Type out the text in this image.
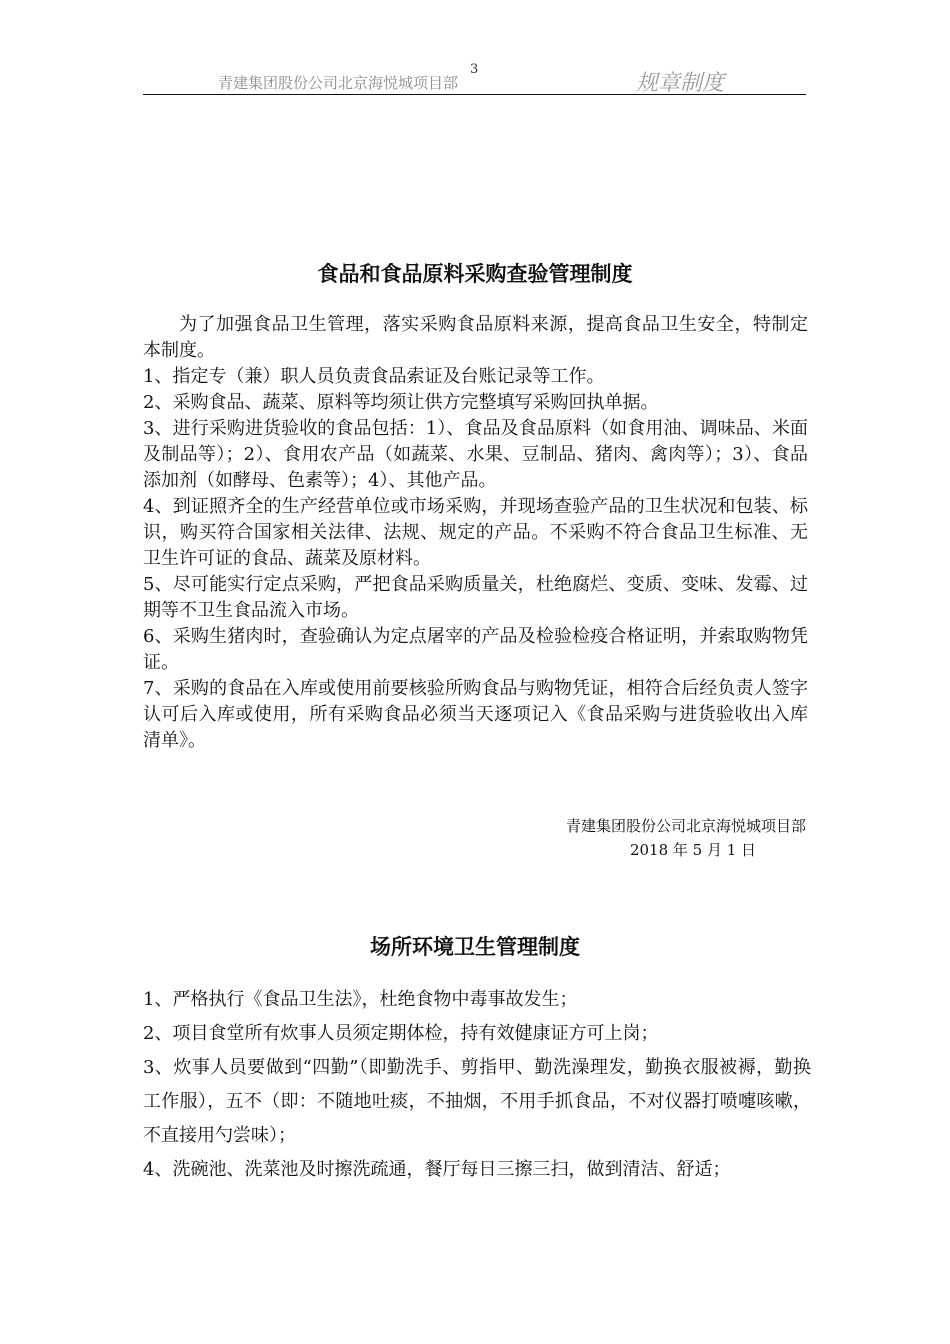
青建集团股份公司北京海悦城项目部
3
规章制度
食品和食品原料采购查验管理制度

为了加强食品卫生管理，落实采购食品原料来源，提高食品卫生安全，特制定本制度。

1、指定专（兼）职人员负责食品索证及台账记录等工作。

2、采购食品、蔬菜、原料等均须让供方完整填写采购回执单据。

3、进行采购进货验收的食品包括：1）、食品及食品原料（如食用油、调味品、米面及制品等）；2）、食用农产品（如蔬菜、水果、豆制品、猪肉、禽肉等）；3）、食品添加剂（如酵母、色素等）；4）、其他产品。

4、到证照齐全的生产经营单位或市场采购，并现场查验产品的卫生状况和包装、标识，购买符合国家相关法律、法规、规定的产品。不采购不符合食品卫生标准、无卫生许可证的食品、蔬菜及原材料。

5、尽可能实行定点采购，严把食品采购质量关，杜绝腐烂、变质、变味、发霉、过期等不卫生食品流入市场。

6、采购生猪肉时，查验确认为定点屠宰的产品及检验检疫合格证明，并索取购物凭证。

7、采购的食品在入库或使用前要核验所购食品与购物凭证，相符合后经负责人签字认可后入库或使用，所有采购食品必须当天逐项记入《食品采购与进货验收出入库清单》。

青建集团股份公司北京海悦城项目部
2018 年 5 月 1 日
场所环境卫生管理制度

1、严格执行《食品卫生法》，杜绝食物中毒事故发生；

2、项目食堂所有炊事人员须定期体检，持有效健康证方可上岗；

3、炊事人员要做到“四勤”（即勤洗手、剪指甲、勤洗澡理发，勤换衣服被褥，勤换工作服），五不（即：不随地吐痰，不抽烟，不用手抓食品，不对仪器打喷嚏咳嗽，不直接用勺尝味）；

4、洗碗池、洗菜池及时擦洗疏通，餐厅每日三擦三扫，做到清洁、舒适；
